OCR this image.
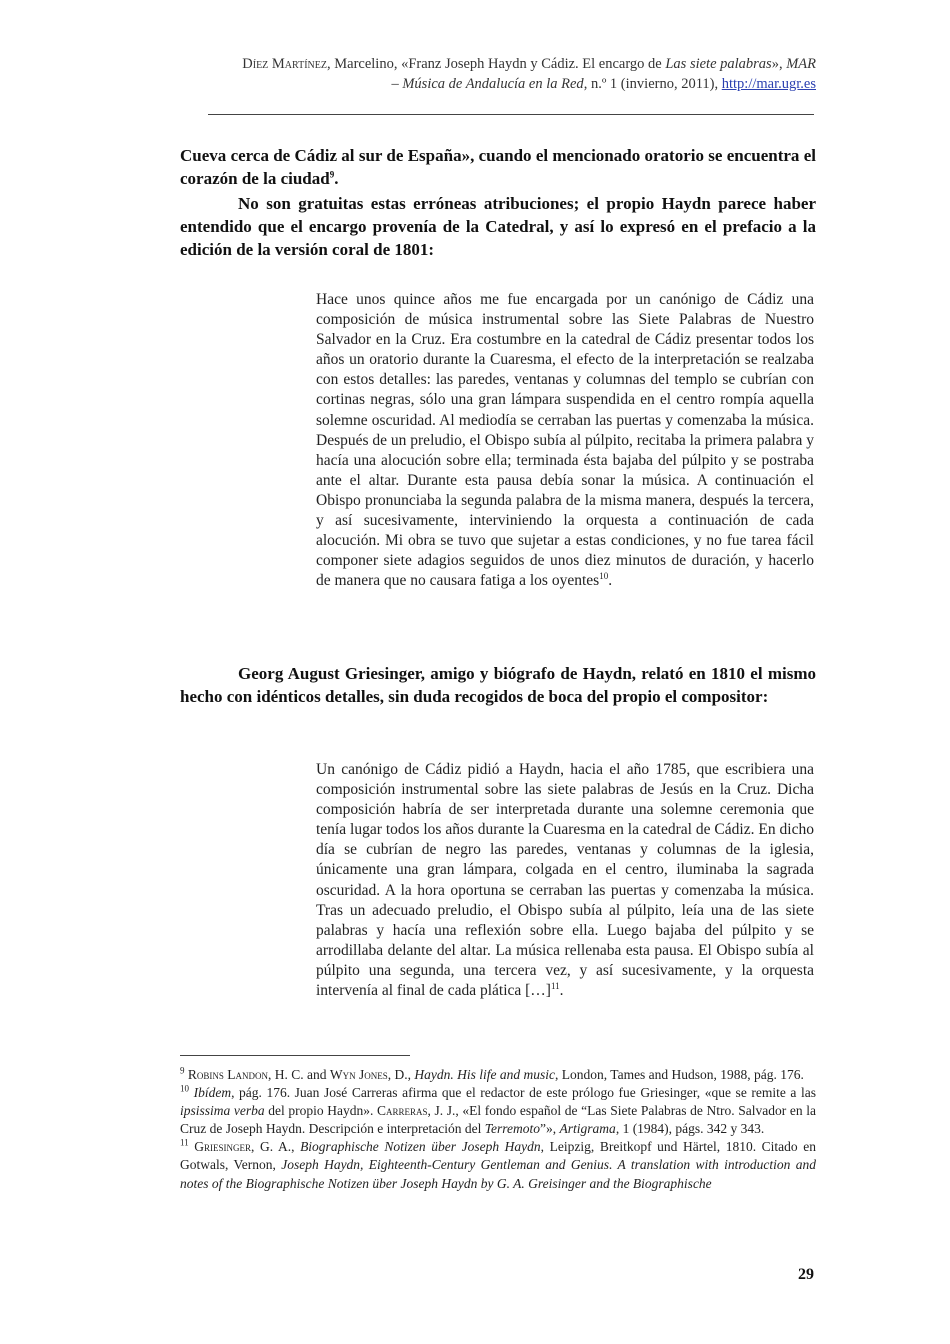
Díez Martínez, Marcelino, «Franz Joseph Haydn y Cádiz. El encargo de Las siete palabras», MAR
– Música de Andalucía en la Red, n.º 1 (invierno, 2011), http://mar.ugr.es
Cueva cerca de Cádiz al sur de España», cuando el mencionado oratorio se encuentra el corazón de la ciudad$^9$.
No son gratuitas estas erróneas atribuciones; el propio Haydn parece haber entendido que el encargo provenía de la Catedral, y así lo expresó en el prefacio a la edición de la versión coral de 1801:
Hace unos quince años me fue encargada por un canónigo de Cádiz una composición de música instrumental sobre las Siete Palabras de Nuestro Salvador en la Cruz. Era costumbre en la catedral de Cádiz presentar todos los años un oratorio durante la Cuaresma, el efecto de la interpretación se realzaba con estos detalles: las paredes, ventanas y columnas del templo se cubrían con cortinas negras, sólo una gran lámpara suspendida en el centro rompía aquella solemne oscuridad. Al mediodía se cerraban las puertas y comenzaba la música. Después de un preludio, el Obispo subía al púlpito, recitaba la primera palabra y hacía una alocución sobre ella; terminada ésta bajaba del púlpito y se postraba ante el altar. Durante esta pausa debía sonar la música. A continuación el Obispo pronunciaba la segunda palabra de la misma manera, después la tercera, y así sucesivamente, interviniendo la orquesta a continuación de cada alocución. Mi obra se tuvo que sujetar a estas condiciones, y no fue tarea fácil componer siete adagios seguidos de unos diez minutos de duración, y hacerlo de manera que no causara fatiga a los oyentes$^{10}$.
Georg August Griesinger, amigo y biógrafo de Haydn, relató en 1810 el mismo hecho con idénticos detalles, sin duda recogidos de boca del propio el compositor:
Un canónigo de Cádiz pidió a Haydn, hacia el año 1785, que escribiera una composición instrumental sobre las siete palabras de Jesús en la Cruz. Dicha composición habría de ser interpretada durante una solemne ceremonia que tenía lugar todos los años durante la Cuaresma en la catedral de Cádiz. En dicho día se cubrían de negro las paredes, ventanas y columnas de la iglesia, únicamente una gran lámpara, colgada en el centro, iluminaba la sagrada oscuridad. A la hora oportuna se cerraban las puertas y comenzaba la música. Tras un adecuado preludio, el Obispo subía al púlpito, leía una de las siete palabras y hacía una reflexión sobre ella. Luego bajaba del púlpito y se arrodillaba delante del altar. La música rellenaba esta pausa. El Obispo subía al púlpito una segunda, una tercera vez, y así sucesivamente, y la orquesta intervenía al final de cada plática […]$^{11}$.

$^9$ Robins Landon, H. C. and Wyn Jones, D., Haydn. His life and music, London, Tames and Hudson, 1988, pág. 176.

$^{10}$ Ibídem, pág. 176. Juan José Carreras afirma que el redactor de este prólogo fue Griesinger, «que se remite a las ipsissima verba del propio Haydn». Carreras, J. J., «El fondo español de “Las Siete Palabras de Ntro. Salvador en la Cruz de Joseph Haydn. Descripción e interpretación del Terremoto”», Artigrama, 1 (1984), págs. 342 y 343.

$^{11}$ Griesinger, G. A., Biographische Notizen über Joseph Haydn, Leipzig, Breitkopf und Härtel, 1810. Citado en Gotwals, Vernon, Joseph Haydn, Eighteenth-Century Gentleman and Genius. A translation with introduction and notes of the Biographische Notizen über Joseph Haydn by G. A. Greisinger and the Biographische

29
